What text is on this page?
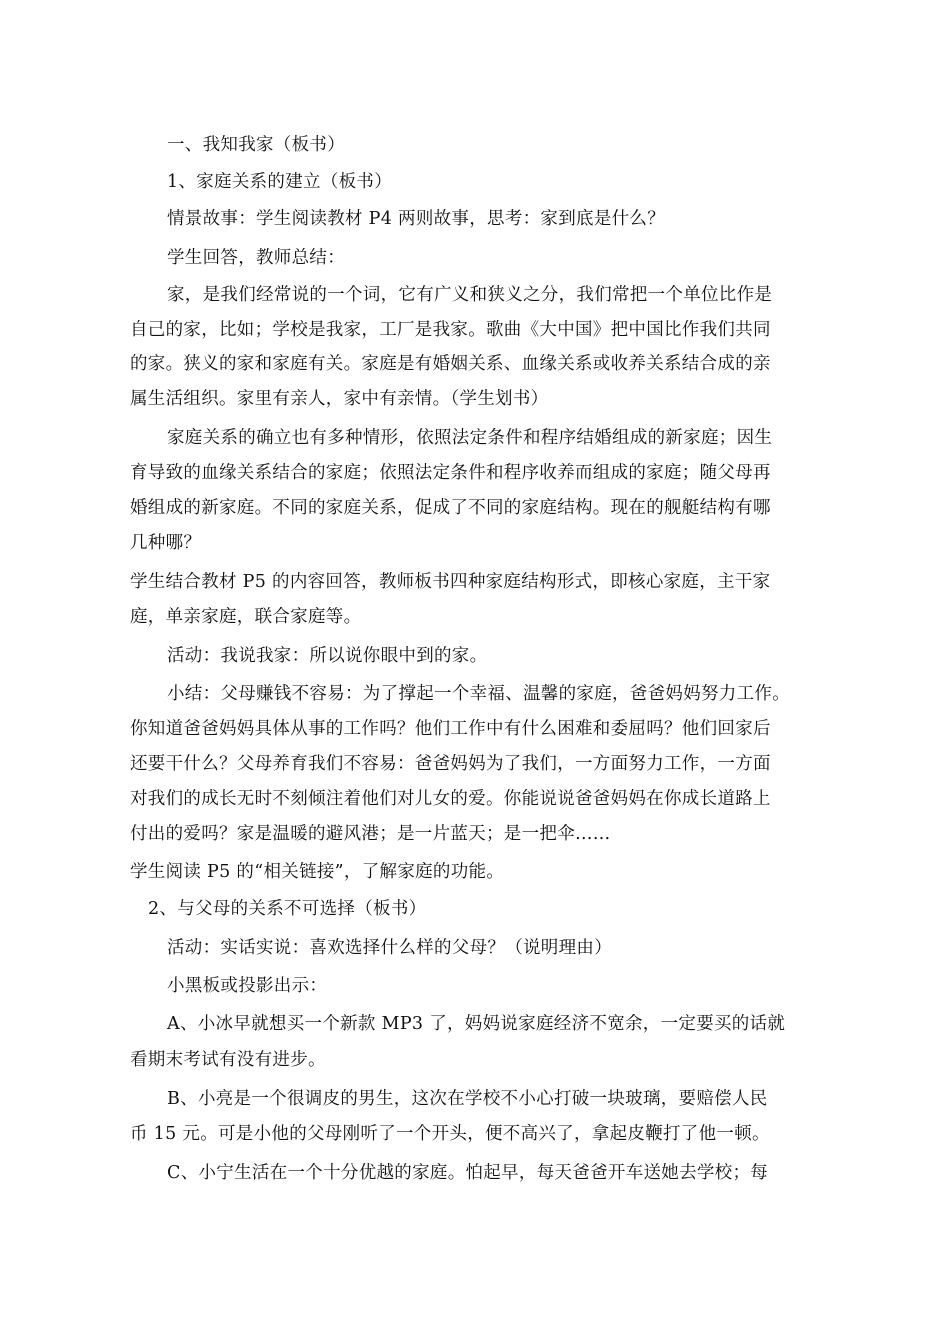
一、我知我家（板书）
1、家庭关系的建立（板书）
情景故事：学生阅读教材 P4 两则故事，思考：家到底是什么？
学生回答，教师总结：
家，是我们经常说的一个词，它有广义和狭义之分，我们常把一个单位比作是
自己的家，比如；学校是我家，工厂是我家。歌曲《大中国》把中国比作我们共同
的家。狭义的家和家庭有关。家庭是有婚姻关系、血缘关系或收养关系结合成的亲
属生活组织。家里有亲人，家中有亲情。（学生划书）
家庭关系的确立也有多种情形，依照法定条件和程序结婚组成的新家庭；因生
育导致的血缘关系结合的家庭；依照法定条件和程序收养而组成的家庭；随父母再
婚组成的新家庭。不同的家庭关系，促成了不同的家庭结构。现在的舰艇结构有哪
几种哪？
学生结合教材 P5 的内容回答，教师板书四种家庭结构形式，即核心家庭，主干家
庭，单亲家庭，联合家庭等。
活动：我说我家：所以说你眼中到的家。
小结：父母赚钱不容易：为了撑起一个幸福、温馨的家庭，爸爸妈妈努力工作。
你知道爸爸妈妈具体从事的工作吗？他们工作中有什么困难和委屈吗？他们回家后
还要干什么？父母养育我们不容易：爸爸妈妈为了我们，一方面努力工作，一方面
对我们的成长无时不刻倾注着他们对儿女的爱。你能说说爸爸妈妈在你成长道路上
付出的爱吗？家是温暖的避风港；是一片蓝天；是一把伞……
学生阅读 P5 的“相关链接”，了解家庭的功能。
2、与父母的关系不可选择（板书）
活动：实话实说：喜欢选择什么样的父母？（说明理由）
小黑板或投影出示：
A、小冰早就想买一个新款 MP3 了，妈妈说家庭经济不宽余，一定要买的话就
看期末考试有没有进步。
B、小亮是一个很调皮的男生，这次在学校不小心打破一块玻璃，要赔偿人民
币 15 元。可是小他的父母刚听了一个开头，便不高兴了，拿起皮鞭打了他一顿。
C、小宁生活在一个十分优越的家庭。怕起早，每天爸爸开车送她去学校；每
